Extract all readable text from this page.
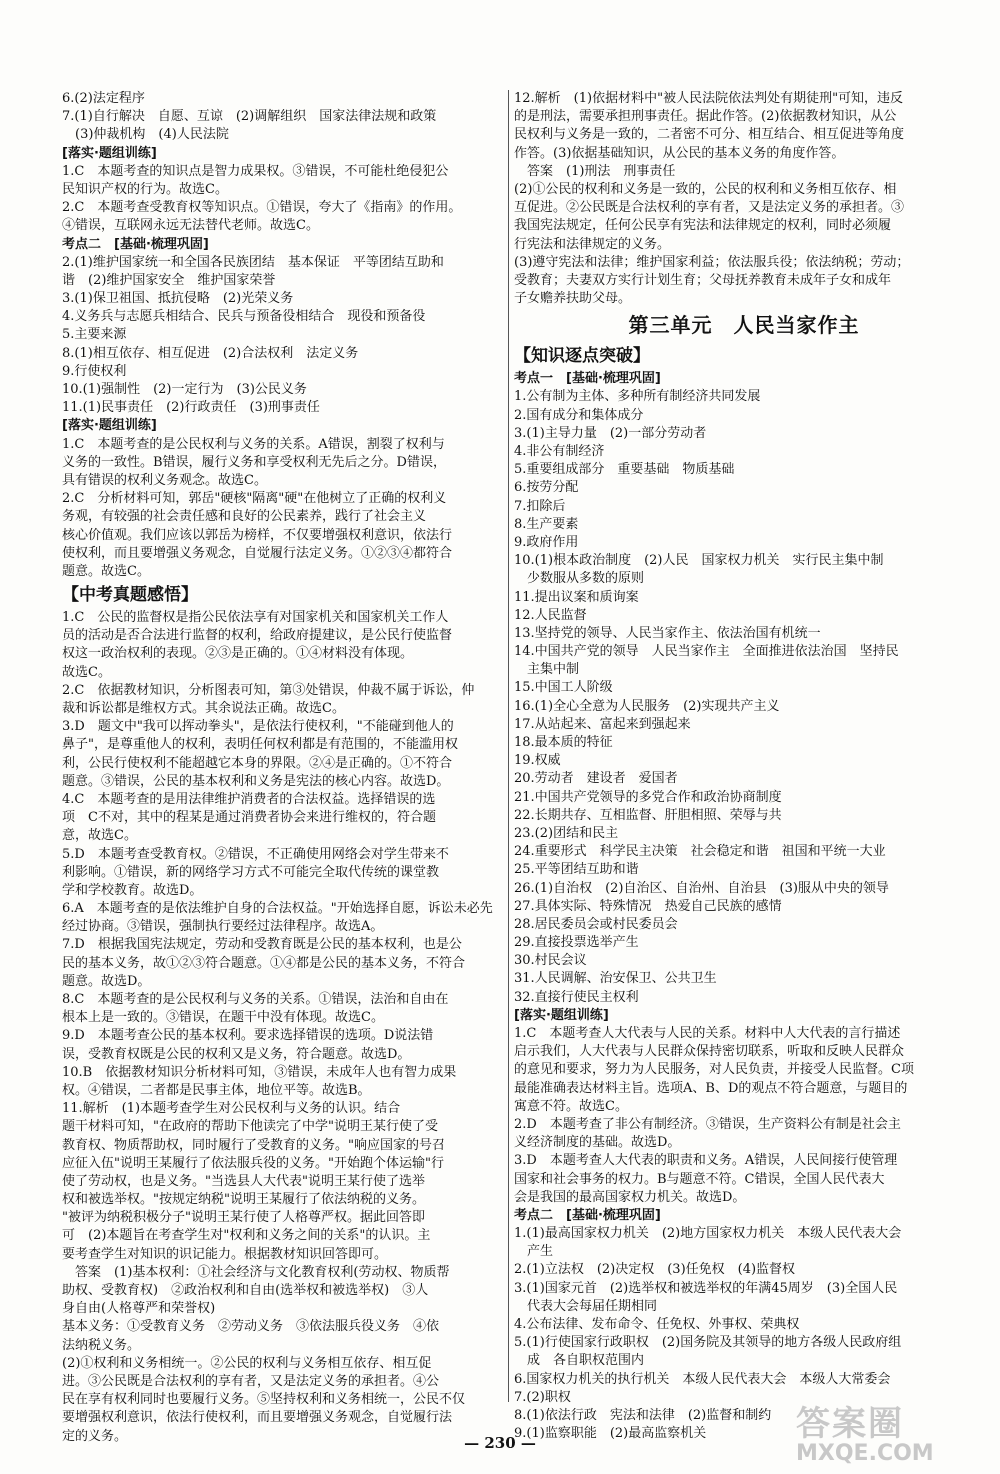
6.(2)法定程序
7.(1)自行解决　自愿、互谅　(2)调解组织　国家法律法规和政策
　(3)仲裁机构　(4)人民法院
[落实·题组训练]
1.C　本题考查的知识点是智力成果权。③错误，不可能杜绝侵犯公
民知识产权的行为。故选C。
2.C　本题考查受教育权等知识点。①错误，夸大了《指南》的作用。
④错误，互联网永远无法替代老师。故选C。
考点二　[基础·梳理巩固]
2.(1)维护国家统一和全国各民族团结　基本保证　平等团结互助和
谐　(2)维护国家安全　维护国家荣誉
3.(1)保卫祖国、抵抗侵略　(2)光荣义务
4.义务兵与志愿兵相结合、民兵与预备役相结合　现役和预备役
5.主要来源
8.(1)相互依存、相互促进　(2)合法权利　法定义务
9.行使权利
10.(1)强制性　(2)一定行为　(3)公民义务
11.(1)民事责任　(2)行政责任　(3)刑事责任
[落实·题组训练]
1.C　本题考查的是公民权利与义务的关系。A错误，割裂了权利与
义务的一致性。B错误，履行义务和享受权利无先后之分。D错误，
具有错误的权利义务观念。故选C。
2.C　分析材料可知，郭岳"硬核"隔离"硬"在他树立了正确的权利义
务观，有较强的社会责任感和良好的公民素养，践行了社会主义
核心价值观。我们应该以郭岳为榜样，不仅要增强权利意识，依法行
使权利，而且要增强义务观念，自觉履行法定义务。①②③④都符合
题意。故选C。
【中考真题感悟】
1.C　公民的监督权是指公民依法享有对国家机关和国家机关工作人
员的活动是否合法进行监督的权利，给政府提建议，是公民行使监督
权这一政治权利的表现。②③是正确的。①④材料没有体现。
故选C。
2.C　依据教材知识，分析图表可知，第③处错误，仲裁不属于诉讼，仲
裁和诉讼都是维权方式。其余说法正确。故选C。
3.D　题文中"我可以挥动拳头"，是依法行使权利，"不能碰到他人的
鼻子"，是尊重他人的权利，表明任何权利都是有范围的，不能滥用权
利，公民行使权利不能超越它本身的界限。②④是正确的。①不符合
题意。③错误，公民的基本权利和义务是宪法的核心内容。故选D。
4.C　本题考查的是用法律维护消费者的合法权益。选择错误的选
项　C不对，其中的程某是通过消费者协会来进行维权的，符合题
意，故选C。
5.D　本题考查受教育权。②错误，不正确使用网络会对学生带来不
利影响。①错误，新的网络学习方式不可能完全取代传统的课堂教
学和学校教育。故选D。
6.A　本题考查的是依法维护自身的合法权益。"开始选择自愿，诉讼未必先
经过协商。③错误，强制执行要经过法律程序。故选A。
7.D　根据我国宪法规定，劳动和受教育既是公民的基本权利，也是公
民的基本义务，故①②③符合题意。①④都是公民的基本义务，不符合
题意。故选D。
8.C　本题考查的是公民权利与义务的关系。①错误，法治和自由在
根本上是一致的。③错误，在题干中没有体现。故选C。
9.D　本题考查公民的基本权利。要求选择错误的选项。D说法错
误，受教育权既是公民的权利又是义务，符合题意。故选D。
10.B　依据教材知识分析材料可知，③错误，未成年人也有智力成果
权。④错误，二者都是民事主体，地位平等。故选B。
11.解析　(1)本题考查学生对公民权利与义务的认识。结合
题干材料可知，"在政府的帮助下他读完了中学"说明王某行使了受
教育权、物质帮助权，同时履行了受教育的义务。"响应国家的号召
应征入伍"说明王某履行了依法服兵役的义务。"开始跑个体运输"行
使了劳动权，也是义务。"当选县人大代表"说明王某行使了选举
权和被选举权。"按规定纳税"说明王某履行了依法纳税的义务。
"被评为纳税积极分子"说明王某行使了人格尊严权。据此回答即
可　(2)本题旨在考查学生对"权利和义务之间的关系"的认识。主
要考查学生对知识的识记能力。根据教材知识回答即可。
　答案　(1)基本权利：①社会经济与文化教育权利(劳动权、物质帮
助权、受教育权)　②政治权利和自由(选举权和被选举权)　③人
身自由(人格尊严和荣誉权)
基本义务：①受教育义务　②劳动义务　③依法服兵役义务　④依
法纳税义务。
(2)①权利和义务相统一。②公民的权利与义务相互依存、相互促
进。③公民既是合法权利的享有者，又是法定义务的承担者。④公
民在享有权利同时也要履行义务。⑤坚持权利和义务相统一，公民不仅
要增强权利意识，依法行使权利，而且要增强义务观念，自觉履行法
定的义务。
12.解析　(1)依据材料中"被人民法院依法判处有期徒刑"可知，违反
的是刑法，需要承担刑事责任。据此作答。(2)依据教材知识，从公
民权利与义务是一致的，二者密不可分、相互结合、相互促进等角度
作答。(3)依据基础知识，从公民的基本义务的角度作答。
　答案　(1)刑法　刑事责任
(2)①公民的权利和义务是一致的，公民的权利和义务相互依存、相
互促进。②公民既是合法权利的享有者，又是法定义务的承担者。③
我国宪法规定，任何公民享有宪法和法律规定的权利，同时必须履
行宪法和法律规定的义务。
(3)遵守宪法和法律；维护国家利益；依法服兵役；依法纳税；劳动；
受教育；夫妻双方实行计划生育；父母抚养教育未成年子女和成年
子女赡养扶助父母。
第三单元　人民当家作主
【知识逐点突破】
考点一　[基础·梳理巩固]
1.公有制为主体、多种所有制经济共同发展
2.国有成分和集体成分
3.(1)主导力量　(2)一部分劳动者
4.非公有制经济
5.重要组成部分　重要基础　物质基础
6.按劳分配
7.扣除后
8.生产要素
9.政府作用
10.(1)根本政治制度　(2)人民　国家权力机关　实行民主集中制
　少数服从多数的原则
11.提出议案和质询案
12.人民监督
13.坚持党的领导、人民当家作主、依法治国有机统一
14.中国共产党的领导　人民当家作主　全面推进依法治国　坚持民
　主集中制
15.中国工人阶级
16.(1)全心全意为人民服务　(2)实现共产主义
17.从站起来、富起来到强起来
18.最本质的特征
19.权威
20.劳动者　建设者　爱国者
21.中国共产党领导的多党合作和政治协商制度
22.长期共存、互相监督、肝胆相照、荣辱与共
23.(2)团结和民主
24.重要形式　科学民主决策　社会稳定和谐　祖国和平统一大业
25.平等团结互助和谐
26.(1)自治权　(2)自治区、自治州、自治县　(3)服从中央的领导
27.具体实际、特殊情况　热爱自己民族的感情
28.居民委员会或村民委员会
29.直接投票选举产生
30.村民会议
31.人民调解、治安保卫、公共卫生
32.直接行使民主权利
[落实·题组训练]
1.C　本题考查人大代表与人民的关系。材料中人大代表的言行描述
启示我们，人大代表与人民群众保持密切联系，听取和反映人民群众
的意见和要求，努力为人民服务，对人民负责，并接受人民监督。C项
最能准确表达材料主旨。选项A、B、D的观点不符合题意，与题目的
寓意不符。故选C。
2.D　本题考查了非公有制经济。③错误，生产资料公有制是社会主
义经济制度的基础。故选D。
3.D　本题考查人大代表的职责和义务。A错误，人民间接行使管理
国家和社会事务的权力。B与题意不符。C错误，全国人民代表大
会是我国的最高国家权力机关。故选D。
考点二　[基础·梳理巩固]
1.(1)最高国家权力机关　(2)地方国家权力机关　本级人民代表大会
　产生
2.(1)立法权　(2)决定权　(3)任免权　(4)监督权
3.(1)国家元首　(2)选举权和被选举权的年满45周岁　(3)全国人民
　代表大会每届任期相同
4.公布法律、发布命令、任免权、外事权、荣典权
5.(1)行使国家行政职权　(2)国务院及其领导的地方各级人民政府组
　成　各自职权范围内
6.国家权力机关的执行机关　本级人民代表大会　本级人大常委会
7.(2)职权
8.(1)依法行政　宪法和法律　(2)监督和制约
9.(1)监察职能　(2)最高监察机关
— 230 —	答案圈
MXQE.COM
